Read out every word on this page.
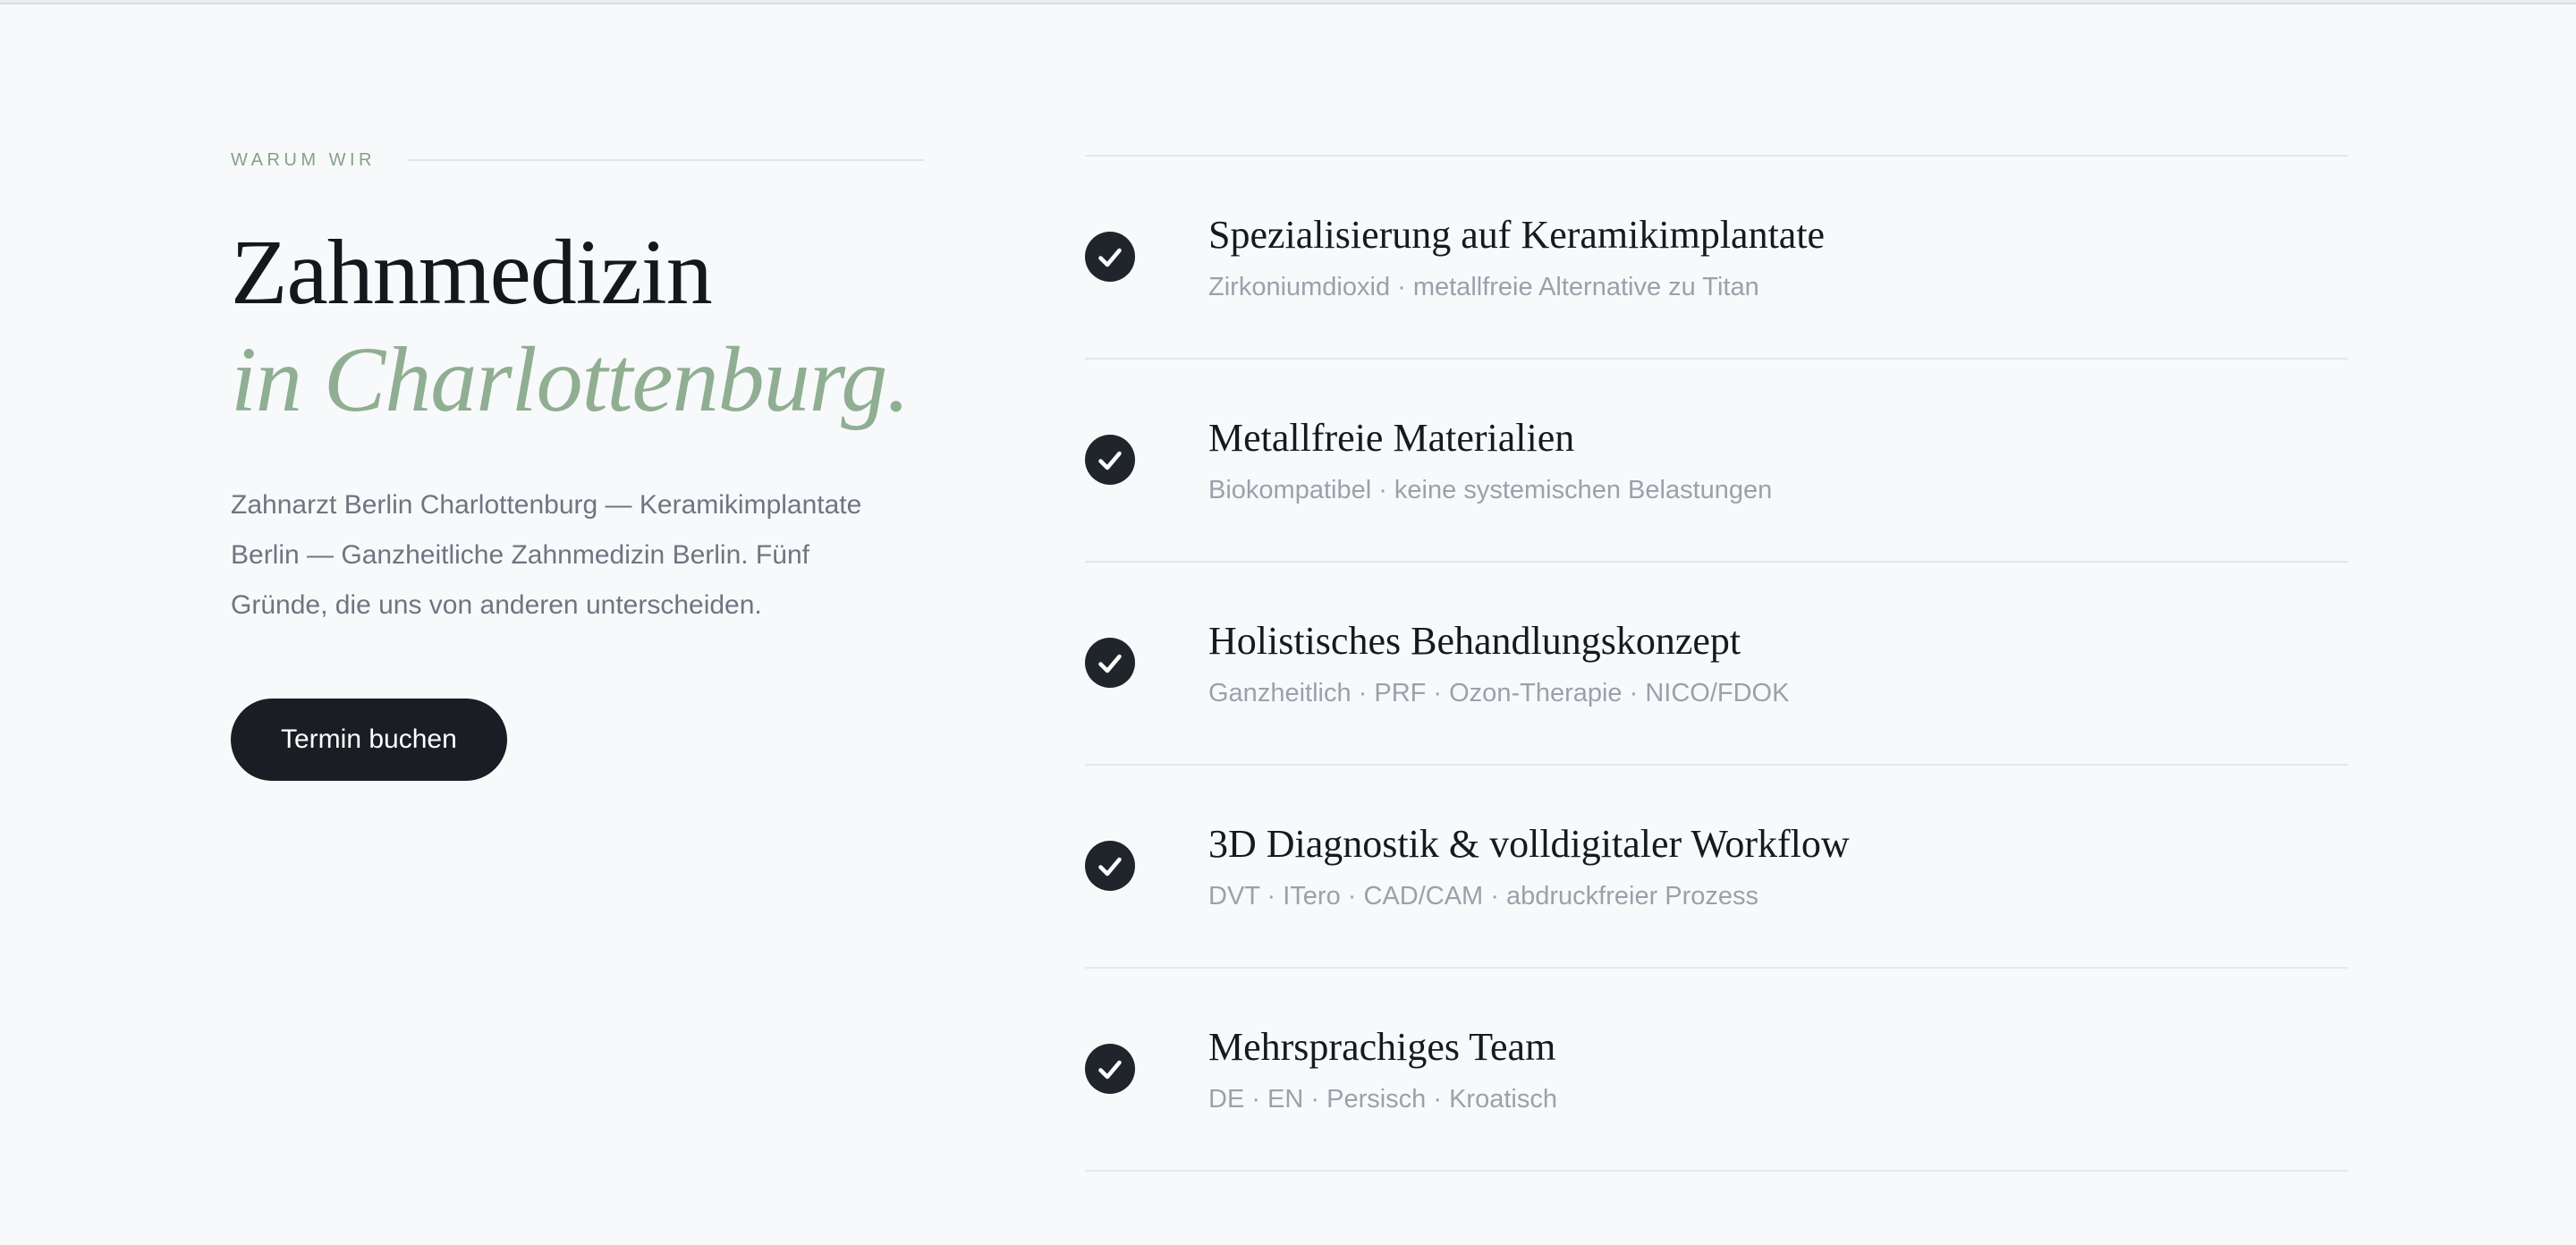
WARUM WIR
Zahnmedizin
in Charlottenburg.

Zahnarzt Berlin Charlottenburg — Keramikimplantate Berlin — Ganzheitliche Zahnmedizin Berlin. Fünf Gründe, die uns von anderen unterscheiden.

Termin buchen
Spezialisierung auf Keramikimplantate
Zirkoniumdioxid · metallfreie Alternative zu Titan
Metallfreie Materialien
Biokompatibel · keine systemischen Belastungen
Holistisches Behandlungskonzept
Ganzheitlich · PRF · Ozon-Therapie · NICO/FDOK
3D Diagnostik & volldigitaler Workflow
DVT · ITero · CAD/CAM · abdruckfreier Prozess
Mehrsprachiges Team
DE · EN · Persisch · Kroatisch
